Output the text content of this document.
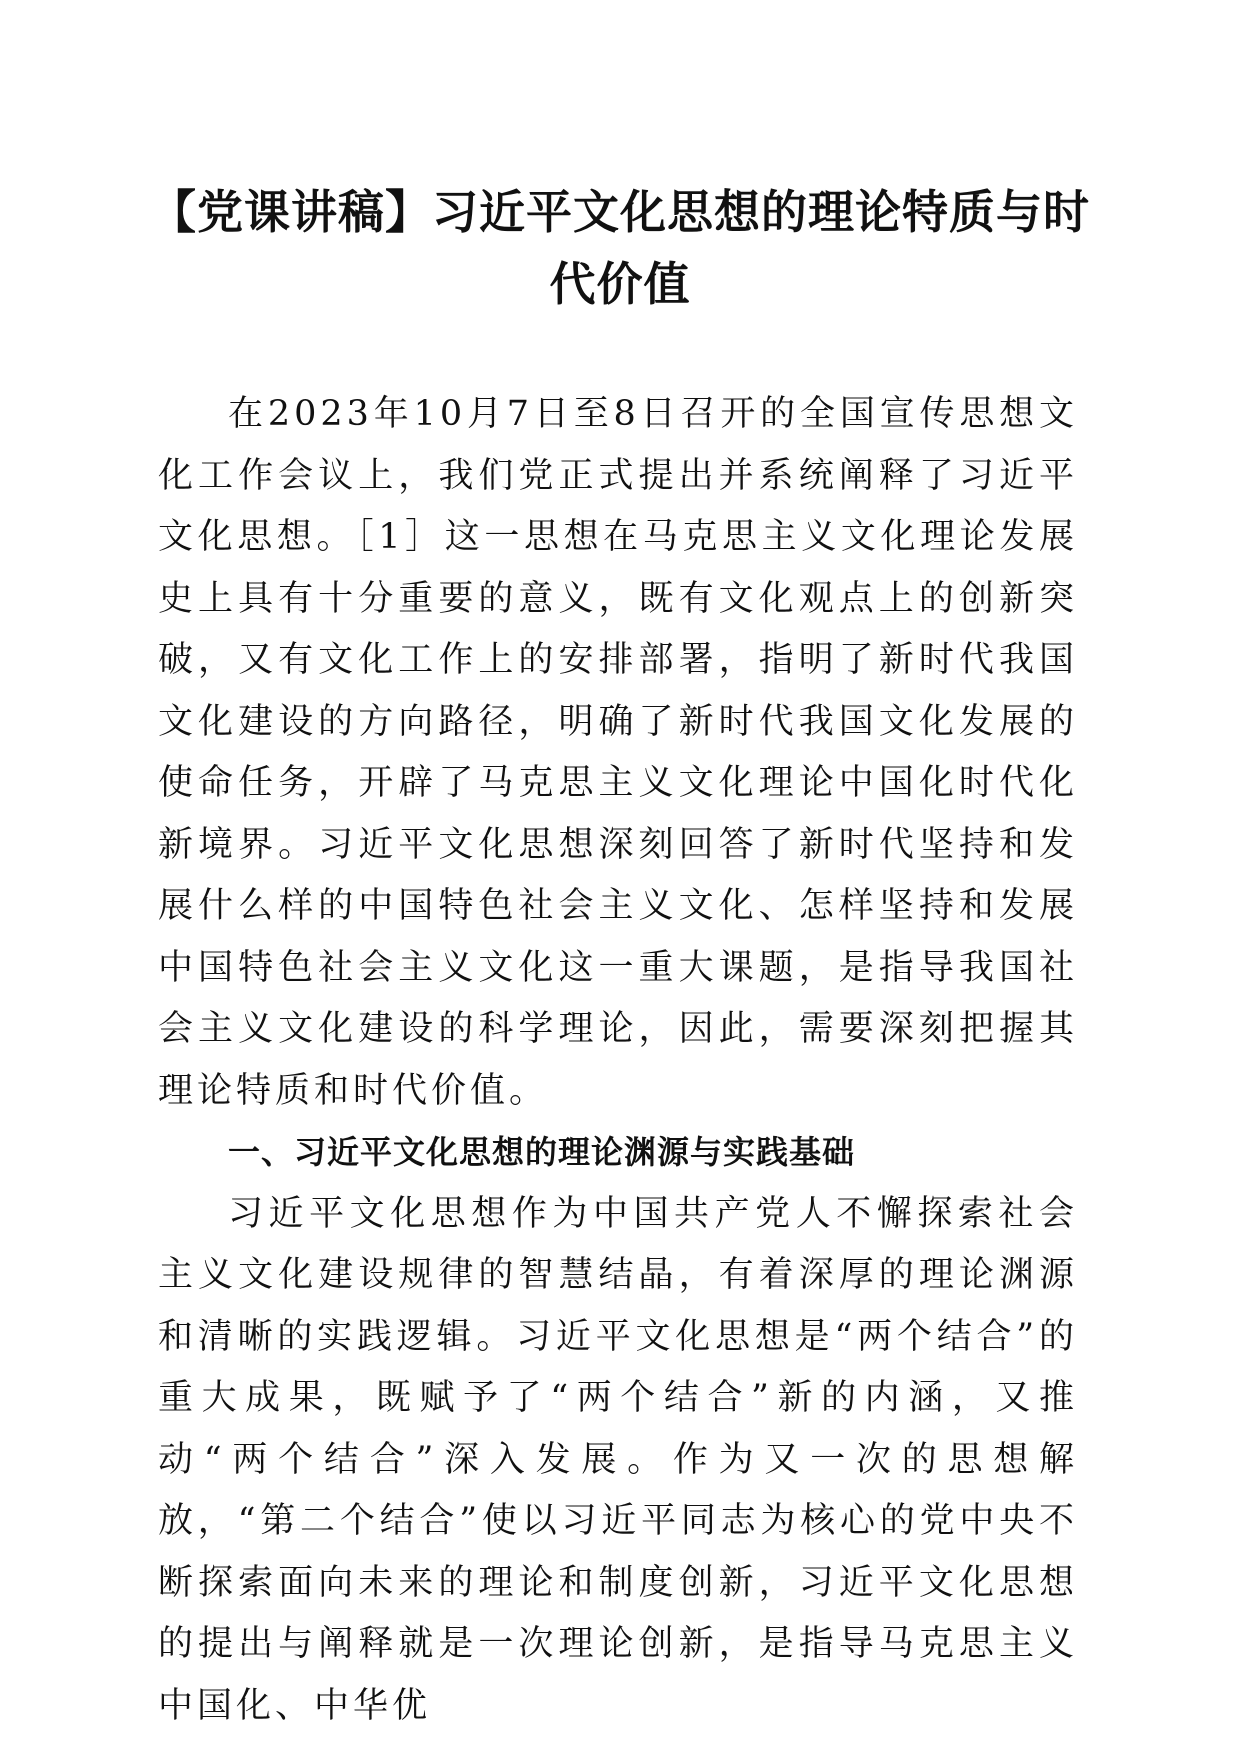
【党课讲稿】习近平文化思想的理论特质与时代价值

在2023年10月7日至8日召开的全国宣传思想文化工作会议上，我们党正式提出并系统阐释了习近平文化思想。［1］这一思想在马克思主义文化理论发展史上具有十分重要的意义，既有文化观点上的创新突破，又有文化工作上的安排部署，指明了新时代我国文化建设的方向路径，明确了新时代我国文化发展的使命任务，开辟了马克思主义文化理论中国化时代化新境界。习近平文化思想深刻回答了新时代坚持和发展什么样的中国特色社会主义文化、怎样坚持和发展中国特色社会主义文化这一重大课题，是指导我国社会主义文化建设的科学理论，因此，需要深刻把握其理论特质和时代价值。

一、习近平文化思想的理论渊源与实践基础

习近平文化思想作为中国共产党人不懈探索社会主义文化建设规律的智慧结晶，有着深厚的理论渊源和清晰的实践逻辑。习近平文化思想是“两个结合”的重大成果，既赋予了“两个结合”新的内涵，又推动“两个结合”深入发展。作为又一次的思想解放，“第二个结合”使以习近平同志为核心的党中央不断探索面向未来的理论和制度创新，习近平文化思想的提出与阐释就是一次理论创新，是指导马克思主义中国化、中华优
